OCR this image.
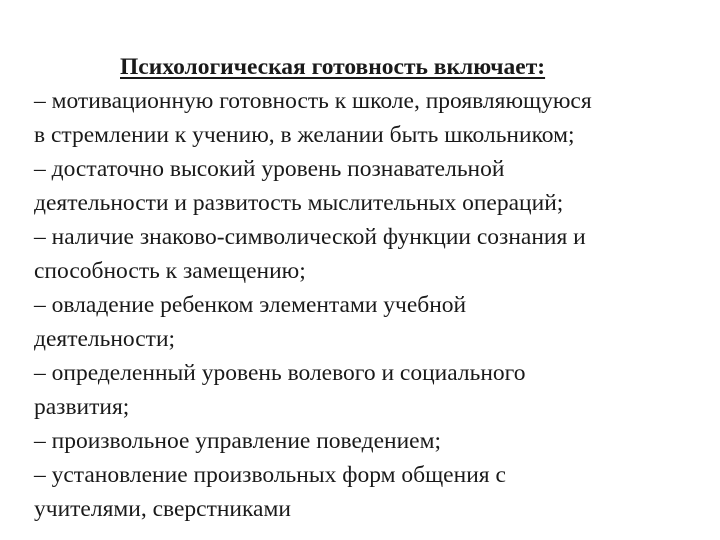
Психологическая готовность включает:

– мотивационную готовность к школе, проявляющуюся

в стремлении к учению, в желании быть школьником;

– достаточно высокий уровень познавательной

деятельности и развитость мыслительных операций;

– наличие знаково-символической функции сознания и

способность к замещению;

– овладение ребенком элементами учебной

деятельности;

– определенный уровень волевого и социального

развития;

– произвольное управление поведением;

– установление произвольных форм общения с

учителями, сверстниками
